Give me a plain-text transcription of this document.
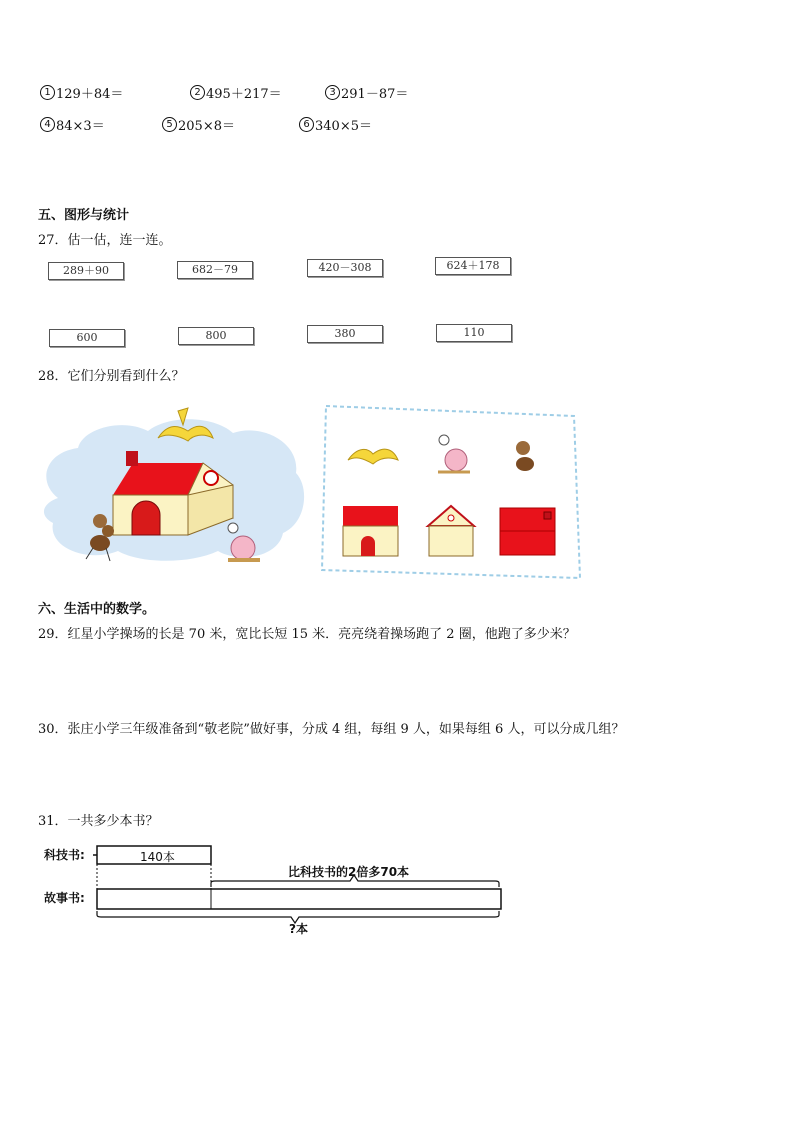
1 129＋84＝	2 495＋217＝	3 291－87＝
4 84×3＝	5 205×8＝	6 340×5＝
五、图形与统计
27．估一估，连一连。
289＋90	682－79	420－308	624＋178
600	800	380	110
28．它们分别看到什么？
六、生活中的数学。
29．红星小学操场的长是 70 米，宽比长短 15 米．亮亮绕着操场跑了 2 圈，他跑了多少米？
30．张庄小学三年级准备到“敬老院”做好事，分成 4 组，每组 9 人，如果每组 6 人，可以分成几组？
31．一共多少本书？
科技书:
故事书:
140本
比科技书的2倍多70本
?本
